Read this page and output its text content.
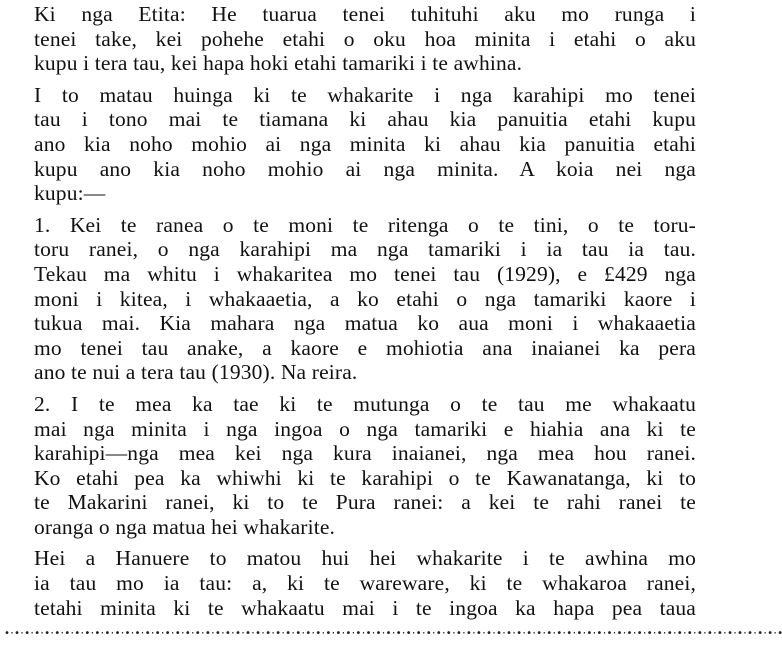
Ki nga Etita: He tuarua tenei tuhituhi aku mo runga i
tenei take, kei pohehe etahi o oku hoa minita i etahi o aku
kupu i tera tau, kei hapa hoki etahi tamariki i te awhina.

I to matau huinga ki te whakarite i nga karahipi mo tenei
tau i tono mai te tiamana ki ahau kia panuitia etahi kupu
ano kia noho mohio ai nga minita ki ahau kia panuitia etahi
kupu ano kia noho mohio ai nga minita. A koia nei nga
kupu:—

1. Kei te ranea o te moni te ritenga o te tini, o te toru-
toru ranei, o nga karahipi ma nga tamariki i ia tau ia tau.
Tekau ma whitu i whakaritea mo tenei tau (1929), e £429 nga
moni i kitea, i whakaaetia, a ko etahi o nga tamariki kaore i
tukua mai. Kia mahara nga matua ko aua moni i whakaaetia
mo tenei tau anake, a kaore e mohiotia ana inaianei ka pera
ano te nui a tera tau (1930). Na reira.

2. I te mea ka tae ki te mutunga o te tau me whakaatu
mai nga minita i nga ingoa o nga tamariki e hiahia ana ki te
karahipi—nga mea kei nga kura inaianei, nga mea hou ranei.
Ko etahi pea ka whiwhi ki te karahipi o te Kawanatanga, ki to
te Makarini ranei, ki to te Pura ranei: a kei te rahi ranei te
oranga o nga matua hei whakarite.

Hei a Hanuere to matou hui hei whakarite i te awhina mo
ia tau mo ia tau: a, ki te wareware, ki te whakaroa ranei,
tetahi minita ki te whakaatu mai i te ingoa ka hapa pea taua

•·•·•·•·•·•·•·•·•·•·•·•·•·•·•·•·•·•·•·•·•·•·•·•·•·•·•·•·•·•·•·•·•·•·•·•·•·•·•·•·•·•·•·•·•·•·•·•·•·•·•·•·•·•·•·•·•·•·•·•·•·•·•·•·•·•·•·•·•·•·•·•·•·•·•·•·•·•
